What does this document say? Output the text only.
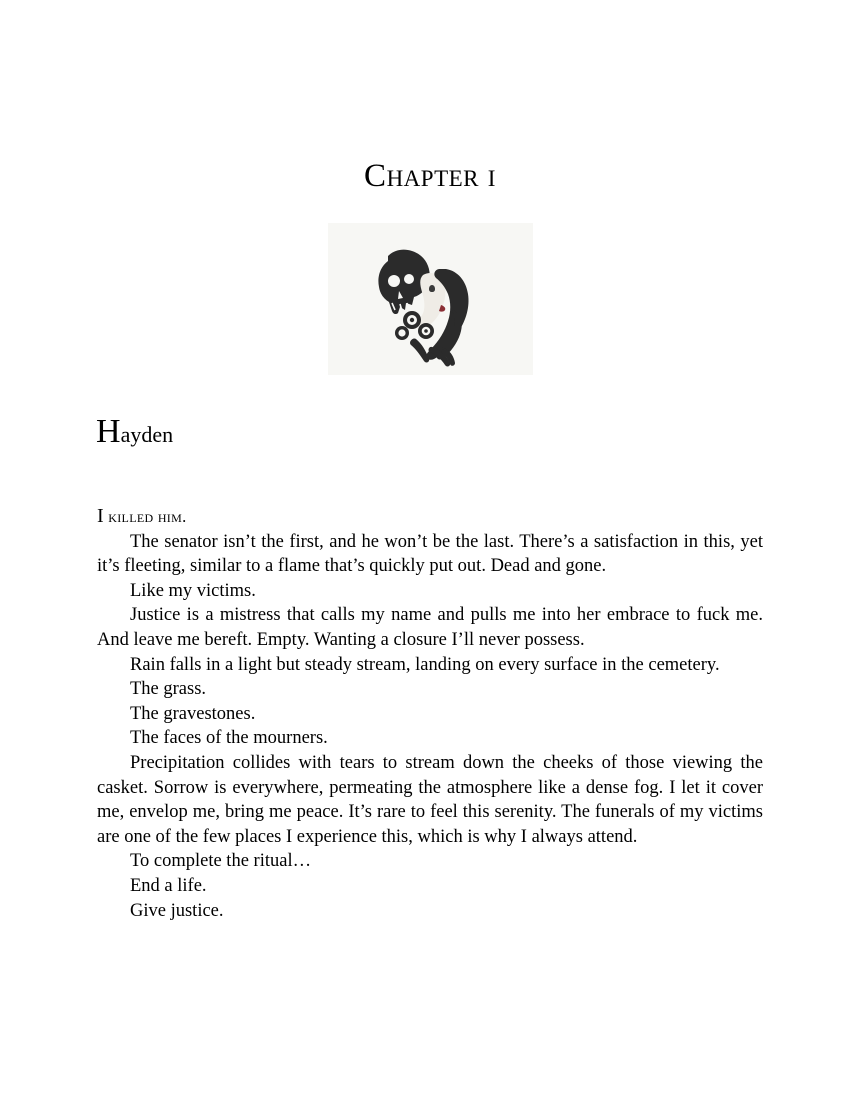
Chapter i

Hayden

I killed him.

The senator isn’t the first, and he won’t be the last. There’s a satisfaction in this, yet it’s fleeting, similar to a flame that’s quickly put out. Dead and gone.

Like my victims.

Justice is a mistress that calls my name and pulls me into her embrace to fuck me. And leave me bereft. Empty. Wanting a closure I’ll never possess.

Rain falls in a light but steady stream, landing on every surface in the cemetery.

The grass.

The gravestones.

The faces of the mourners.

Precipitation collides with tears to stream down the cheeks of those viewing the casket. Sorrow is everywhere, permeating the atmosphere like a dense fog. I let it cover me, envelop me, bring me peace. It’s rare to feel this serenity. The funerals of my victims are one of the few places I experience this, which is why I always attend.

To complete the ritual…

End a life.

Give justice.
